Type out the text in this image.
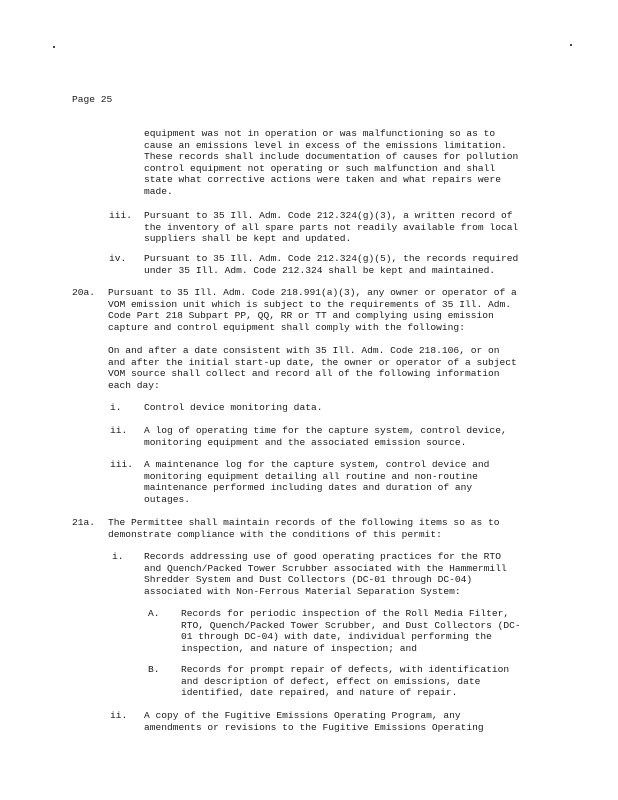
Page 25
equipment was not in operation or was malfunctioning so as to
cause an emissions level in excess of the emissions limitation.
These records shall include documentation of causes for pollution
control equipment not operating or such malfunction and shall
state what corrective actions were taken and what repairs were
made.
iii. Pursuant to 35 Ill. Adm. Code 212.324(g)(3), a written record of
the inventory of all spare parts not readily available from local
suppliers shall be kept and updated.
iv. Pursuant to 35 Ill. Adm. Code 212.324(g)(5), the records required
under 35 Ill. Adm. Code 212.324 shall be kept and maintained.
20a. Pursuant to 35 Ill. Adm. Code 218.991(a)(3), any owner or operator of a
VOM emission unit which is subject to the requirements of 35 Ill. Adm.
Code Part 218 Subpart PP, QQ, RR or TT and complying using emission
capture and control equipment shall comply with the following:
On and after a date consistent with 35 Ill. Adm. Code 218.106, or on
and after the initial start-up date, the owner or operator of a subject
VOM source shall collect and record all of the following information
each day:
i. Control device monitoring data.
ii. A log of operating time for the capture system, control device,
monitoring equipment and the associated emission source.
iii. A maintenance log for the capture system, control device and
monitoring equipment detailing all routine and non-routine
maintenance performed including dates and duration of any
outages.
21a. The Permittee shall maintain records of the following items so as to
demonstrate compliance with the conditions of this permit:
i. Records addressing use of good operating practices for the RTO
and Quench/Packed Tower Scrubber associated with the Hammermill
Shredder System and Dust Collectors (DC-01 through DC-04)
associated with Non-Ferrous Material Separation System:
A. Records for periodic inspection of the Roll Media Filter,
RTO, Quench/Packed Tower Scrubber, and Dust Collectors (DC-
01 through DC-04) with date, individual performing the
inspection, and nature of inspection; and
B. Records for prompt repair of defects, with identification
and description of defect, effect on emissions, date
identified, date repaired, and nature of repair.
ii. A copy of the Fugitive Emissions Operating Program, any
amendments or revisions to the Fugitive Emissions Operating
